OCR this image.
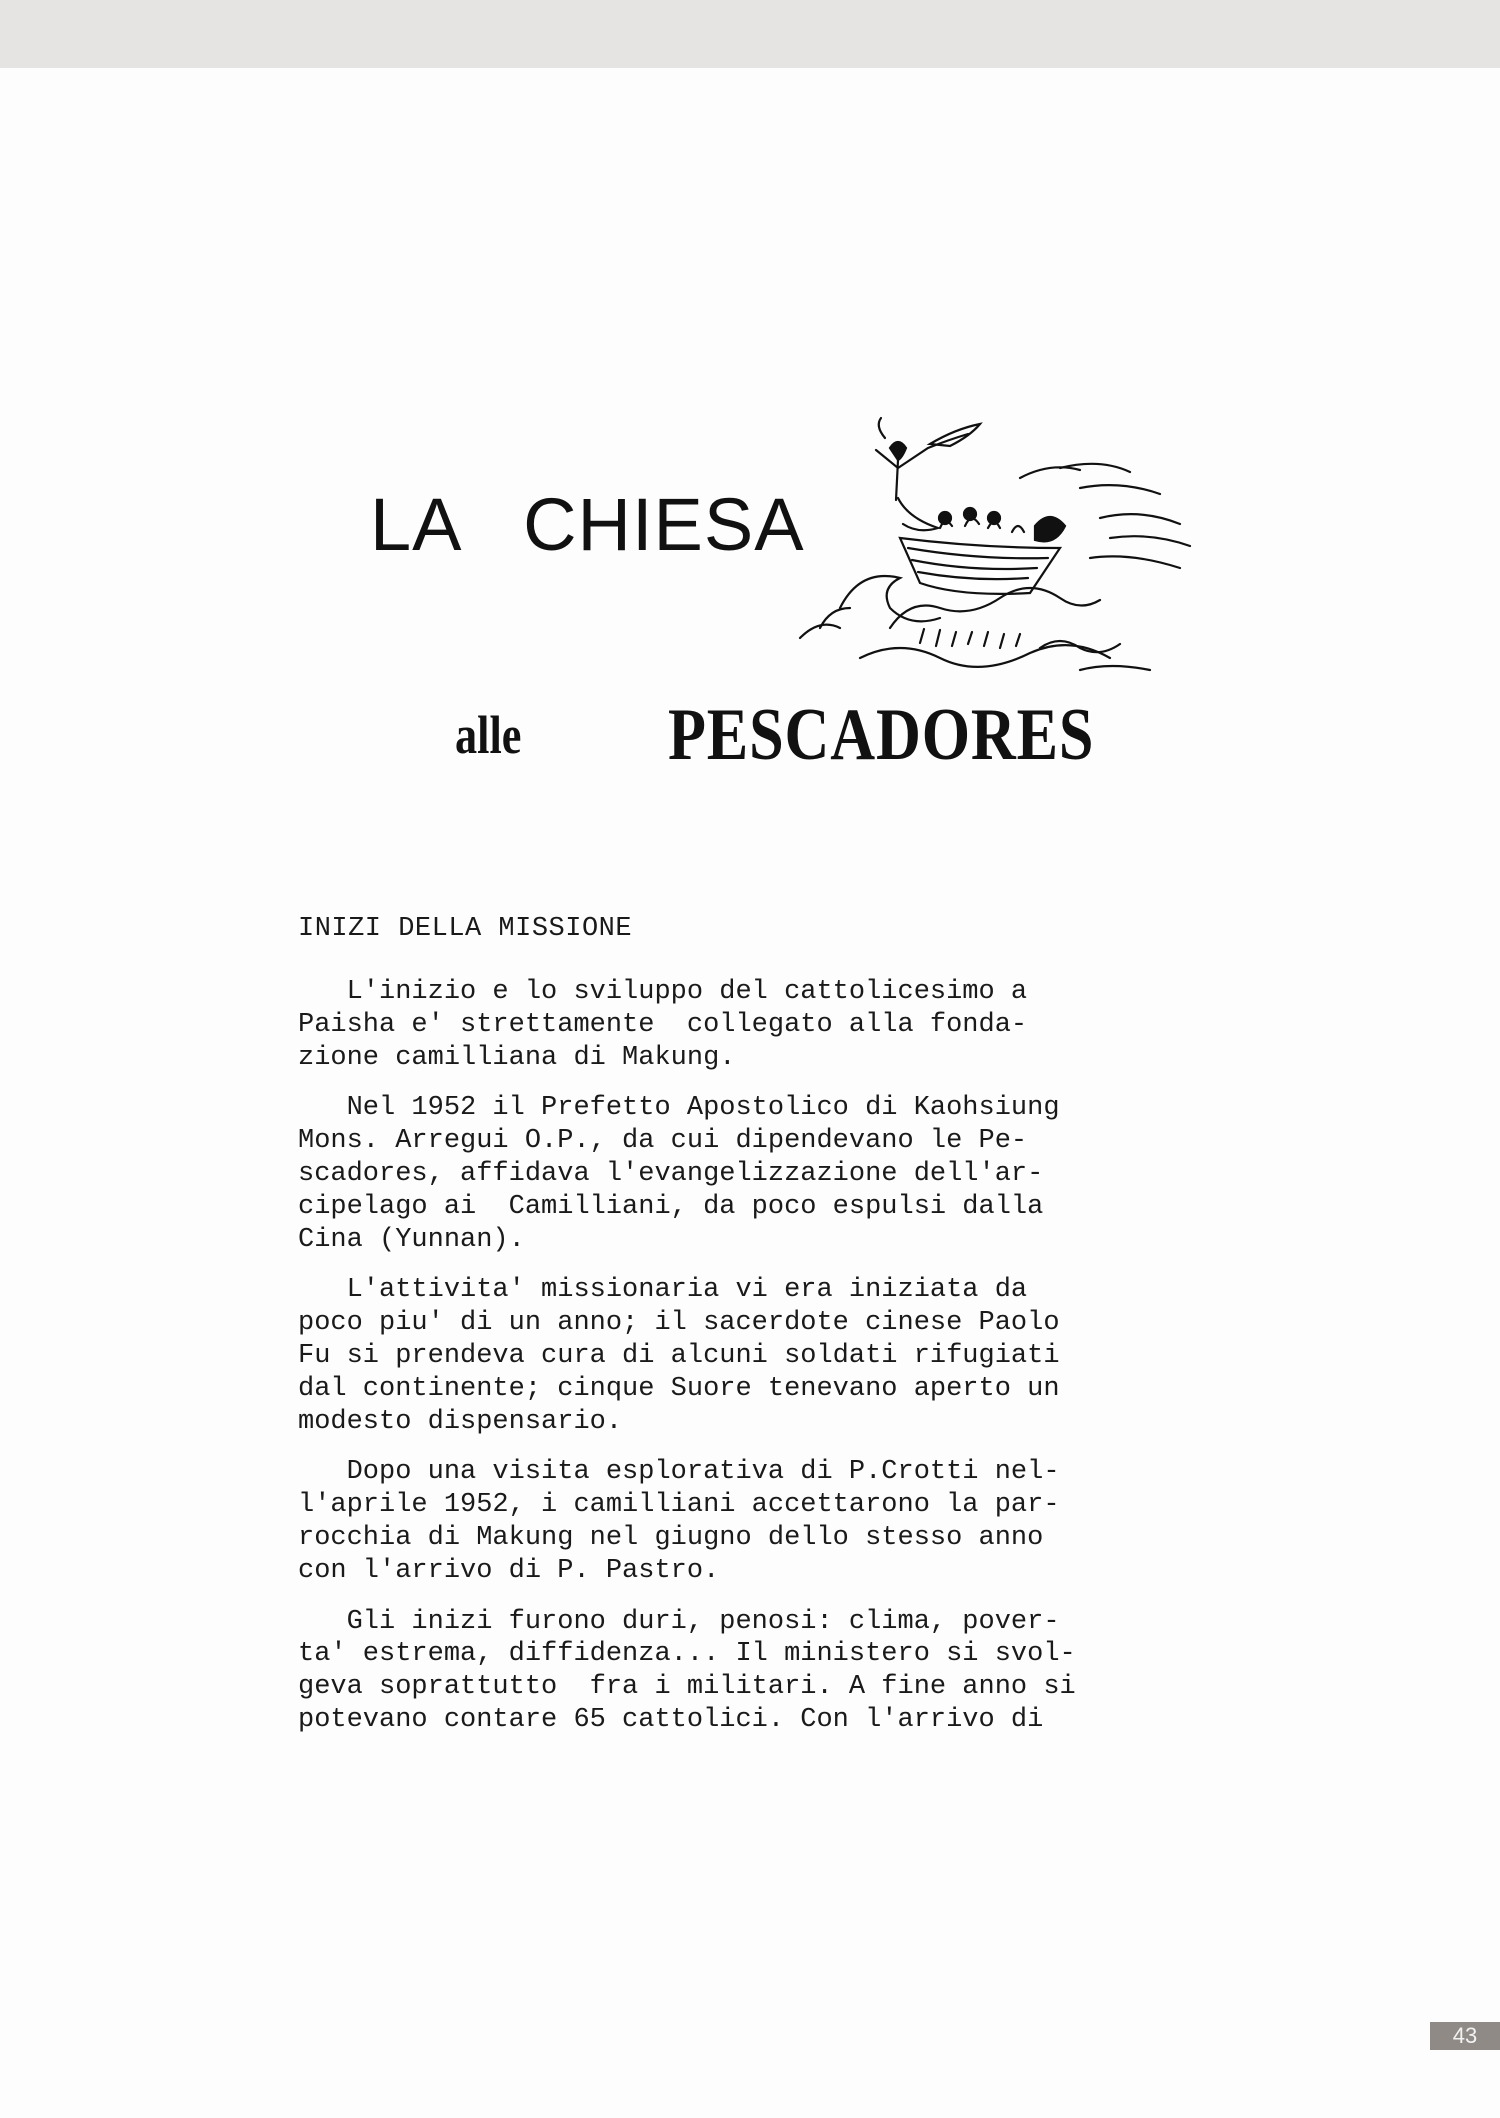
LA   CHIESA
alle PESCADORES
INIZI DELLA MISSIONE

L'inizio e lo sviluppo del cattolicesimo a
Paisha e' strettamente  collegato alla fonda-
zione camilliana di Makung.

Nel 1952 il Prefetto Apostolico di Kaohsiung
Mons. Arregui O.P., da cui dipendevano le Pe-
scadores, affidava l'evangelizzazione dell'ar-
cipelago ai  Camilliani, da poco espulsi dalla
Cina (Yunnan).

L'attivita' missionaria vi era iniziata da
poco piu' di un anno; il sacerdote cinese Paolo
Fu si prendeva cura di alcuni soldati rifugiati
dal continente; cinque Suore tenevano aperto un
modesto dispensario.

Dopo una visita esplorativa di P.Crotti nel-
l'aprile 1952, i camilliani accettarono la par-
rocchia di Makung nel giugno dello stesso anno
con l'arrivo di P. Pastro.

Gli inizi furono duri, penosi: clima, pover-
ta' estrema, diffidenza... Il ministero si svol-
geva soprattutto  fra i militari. A fine anno si
potevano contare 65 cattolici. Con l'arrivo di

43
